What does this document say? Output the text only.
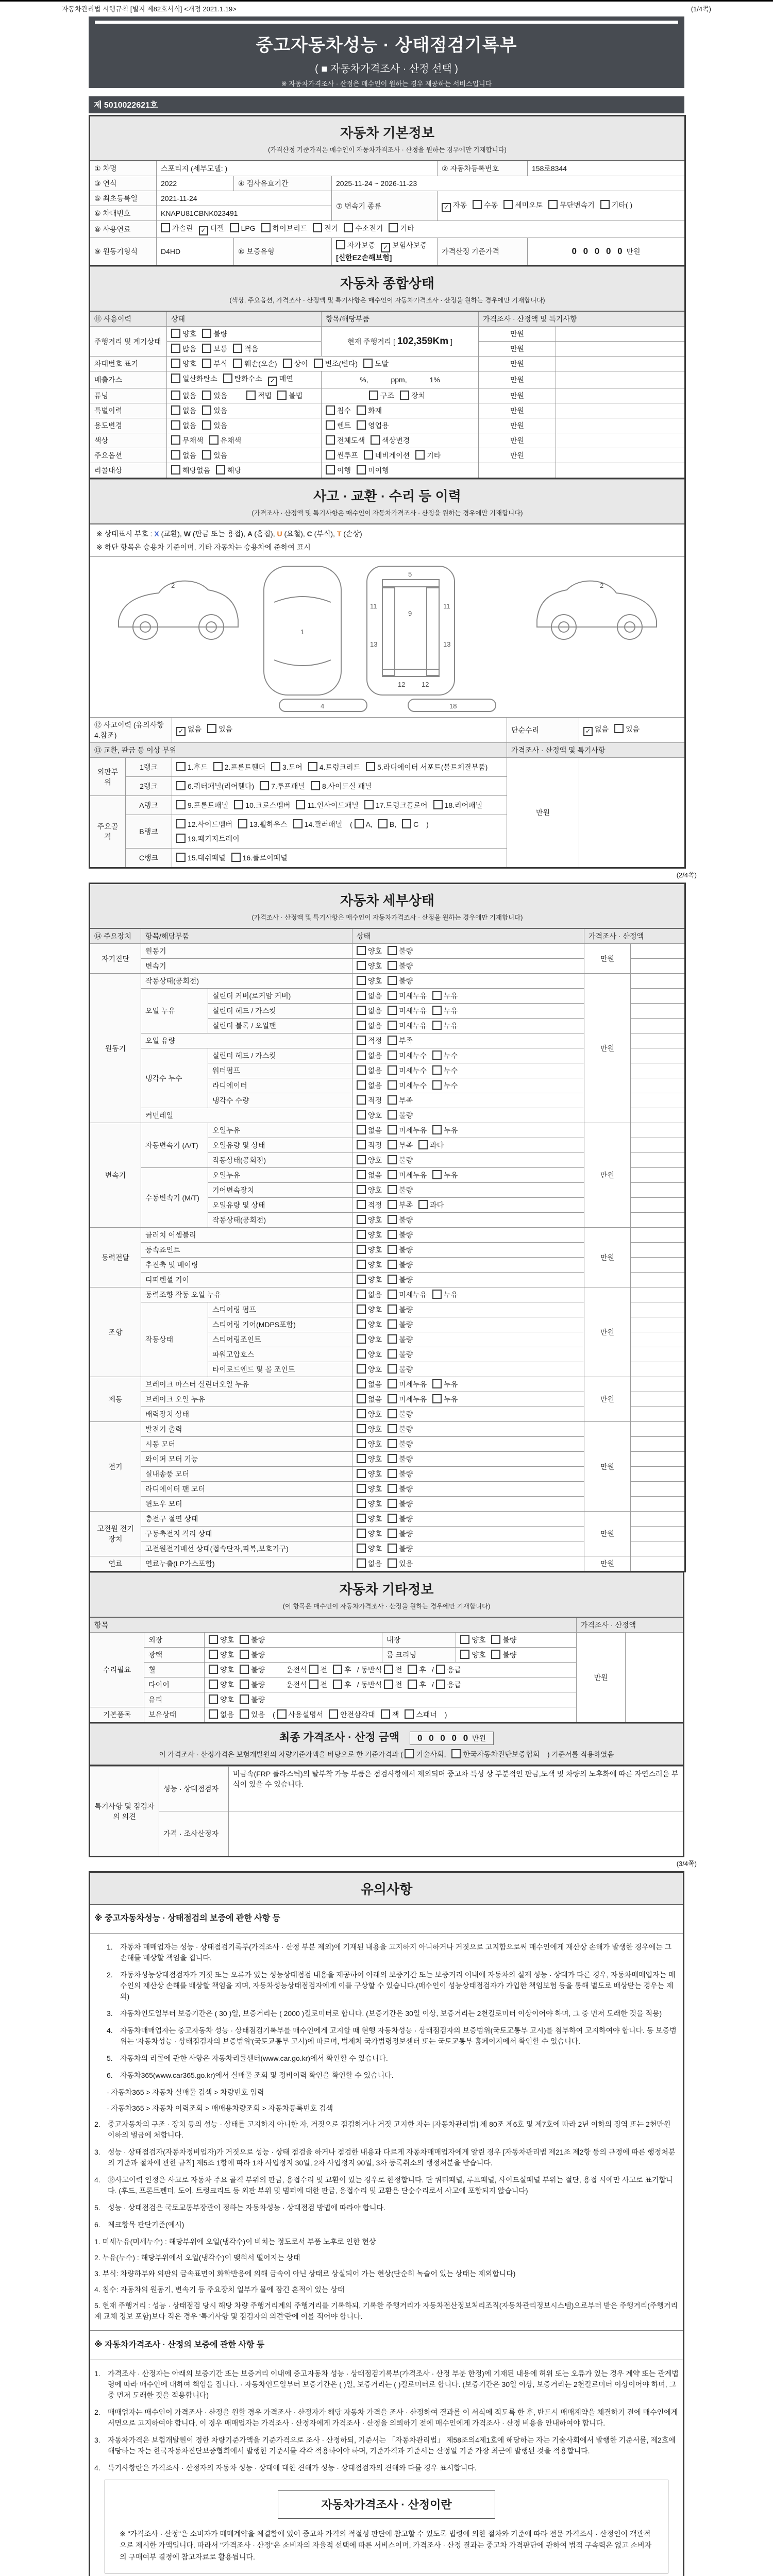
자동차관리법 시행규칙 [별지 제82호서식] <개정 2021.1.19>	(1/4쪽)
중고자동차성능 · 상태점검기록부
( ■ 자동차가격조사 · 산정 선택 )
※ 자동차가격조사 · 산정은 매수인이 원하는 경우 제공하는 서비스입니다
제 5010022621호
자동차 기본정보
(가격산정 기준가격은 매수인이 자동차가격조사 · 산정을 원하는 경우에만 기재합니다)					

① 차명	스포티지 (세부모델: )			② 자동차등록번호	158로8344
③ 연식	2022	④ 검사유효기간	2025-11-24 ~ 2026-11-23		
⑤ 최초등록일	2021-11-24		⑦ 변속기 종류	✓ 자동 수동 세미오토 무단변속기 기타( )	
⑥ 차대번호	KNAPU81CBNK023491				
⑧ 사용연료	가솔린 ✓ 디젤 LPG 하이브리드 전기 수소전기 기타				
⑨ 원동기형식	D4HD	⑩ 보증유형	자가보증 ✓ 보험사보증[신한EZ손해보험]	가격산정 기준가격	0 0 0 0 0 만원
자동차 종합상태
(색상, 주요옵션, 가격조사 · 산정액 및 특기사항은 매수인이 자동차가격조사 · 산정을 원하는 경우에만 기재합니다)				

⑪ 사용이력	상태	항목/해당부품	가격조사 · 산정액 및 특기사항	
주행거리 및 계기상태	양호 불량	현재 주행거리 [ 102,359Km ]	만원	
	많음 보통 적음		만원	
차대번호 표기	양호 부식 훼손(오손) 상이 변조(변타) 도말		만원	
배출가스	일산화탄소 탄화수소 ✓ 매연	%, ppm, 1%	만원	
튜닝	없음 있음 적법 불법	구조 장치	만원	
특별이력	없음 있음	침수 화재	만원	
용도변경	없음 있음	렌트 영업용	만원	
색상	무채색 유채색	전체도색 색상변경	만원	
주요옵션	없음 있음	썬루프 네비게이션 기타	만원	
리콜대상	해당없음 해당	이행 미이행		
사고 · 교환 · 수리 등 이력
(가격조사 · 산정액 및 특기사항은 매수인이 자동차가격조사 · 산정을 원하는 경우에만 기재합니다)				

※ 상태표시 부호 : X (교환), W (판금 또는 용접), A (흠집), U (요철), C (부식), T (손상)
※ 하단 항목은 승용차 기준이며, 기타 자동차는 승용차에 준하여 표시				

2
1
5
9
11	11
13	13
12 12
2
4	18

⑫ 사고이력 (유의사항 4.참조)		✓ 없음 있음	단순수리	✓ 없음 있음
⑬ 교환, 판금 등 이상 부위			가격조사 · 산정액 및 특기사항	
외판부위	1랭크	1.후드 2.프론트휀더 3.도어 4.트렁크리드 5.라디에이터 서포트(볼트체결부품)	만원	
	2랭크	6.쿼터패널(리어휀다) 7.루프패널 8.사이드실 패널		
주요골격	A랭크	9.프론트패널 10.크로스멤버 11.인사이드패널 17.트렁크플로어 18.리어패널		
	B랭크	12.사이드멤버 13.휠하우스 14.필러패널 ( A, B, C )
19.패키지트레이		
	C랭크	15.대쉬패널 16.플로어패널		
(2/4쪽)
자동차 세부상태
(가격조사 · 산정액 및 특기사항은 매수인이 자동차가격조사 · 산정을 원하는 경우에만 기재합니다)					

⑭ 주요장치	항목/해당부품		상태	가격조사 · 산정액	
자기진단	원동기		양호 불량	만원	
	변속기		양호 불량		
원동기	작동상태(공회전)		양호 불량	만원	
	오일 누유	실린더 커버(로커암 커버)	없음 미세누유 누유		
		실린더 헤드 / 가스킷	없음 미세누유 누유		
		실린더 블록 / 오일팬	없음 미세누유 누유		
	오일 유량		적정 부족		
	냉각수 누수	실린더 헤드 / 가스킷	없음 미세누수 누수		
		워터펌프	없음 미세누수 누수		
		라디에이터	없음 미세누수 누수		
		냉각수 수량	적정 부족		
	커먼레일		양호 불량		
변속기	자동변속기 (A/T)	오일누유	없음 미세누유 누유	만원	
		오일유량 및 상태	적정 부족 과다		
		작동상태(공회전)	양호 불량		
	수동변속기 (M/T)	오일누유	없음 미세누유 누유		
		기어변속장치	양호 불량		
		오일유량 및 상태	적정 부족 과다		
		작동상태(공회전)	양호 불량		
동력전달	클러치 어셈블리		양호 불량	만원	
	등속죠인트		양호 불량		
	추진축 및 베어링		양호 불량		
	디퍼렌셜 기어		양호 불량		
조향	동력조향 작동 오일 누유		없음 미세누유 누유	만원	
	작동상태	스티어링 펌프	양호 불량		
		스티어링 기어(MDPS포함)	양호 불량		
		스티어링조인트	양호 불량		
		파워고압호스	양호 불량		
		타이로드엔드 및 볼 조인트	양호 불량		
제동	브레이크 마스터 실린더오일 누유		없음 미세누유 누유	만원	
	브레이크 오일 누유		없음 미세누유 누유		
	배력장치 상태		양호 불량		
전기	발전기 출력		양호 불량	만원	
	시동 모터		양호 불량		
	와이퍼 모터 기능		양호 불량		
	실내송풍 모터		양호 불량		
	라디에이터 팬 모터		양호 불량		
	윈도우 모터		양호 불량		
고전원 전기장치	충전구 절연 상태		양호 불량	만원	
	구동축전지 격리 상태		양호 불량		
	고전원전기배선 상태(접속단자,피복,보호기구)		양호 불량		
연료	연료누출(LP가스포함)		없음 있음	만원	
자동차 기타정보
(이 항목은 매수인이 자동차가격조사 · 산정을 원하는 경우에만 기재합니다)						

항목					가격조사 · 산정액	
수리필요	외장	양호 불량	내장	양호 불량	만원	
	광택	양호 불량	룸 크리닝	양호 불량		
	휠	양호 불량 운전석 전 후 / 동반석 전 후 / 응급				
	타이어	양호 불량 운전석 전 후 / 동반석 전 후 / 응급				
	유리	양호 불량				
기본품목	보유상태	없음 있음 ( 사용설명서 안전삼각대 잭 스패너 )				
최종 가격조사 · 산정 금액 0 0 0 0 0 만원
이 가격조사 · 산정가격은 보험개발원의 차량기준가액을 바탕으로 한 기준가격과 ( 기술사회, 한국자동차진단보증협회 ) 기준서를 적용하였음
특기사항 및 점검자의 의견	성능 · 상태점검자	비금속(FRP 플라스틱)의 탈부착 가능 부품은 점검사항에서 제외되며 중고차 특성 상 부분적인 판금,도색 및 차량의 노후화에 따른 자연스러운 부식이 있을 수 있습니다.
	가격 · 조사산정자	
(3/4쪽)
유의사항

※ 중고자동차성능 · 상태점검의 보증에 관한 사항 등
1.	자동차 매매업자는 성능 · 상태점검기록부(가격조사 · 산정 부분 제외)에 기재된 내용을 고지하지 아니하거나 거짓으로 고지함으로써 매수인에게 재산상 손해가 발생한 경우에는 그 손해를 배상할 책임을 집니다.
2.	자동차성능상태점검자가 거짓 또는 오류가 있는 성능상태점검 내용을 제공하여 아래의 보증기간 또는 보증거리 이내에 자동차의 실제 성능 · 상태가 다른 경우, 자동차매매업자는 매수인의 재산상 손해를 배상할 책임을 지며, 자동차성능상태점검자에게 이를 구상할 수 있습니다.(매수인이 성능상태점검자가 가입한 책임보험 등을 통해 별도로 배상받는 경우는 제외)
3.	자동차인도일부터 보증기간은 ( 30 )일, 보증거리는 ( 2000 )킬로미터로 합니다. (보증기간은 30일 이상, 보증거리는 2천킬로미터 이상이어야 하며, 그 중 먼저 도래한 것을 적용)
4.	자동차매매업자는 중고자동차 성능 · 상태점검기록부를 매수인에게 고지할 때 현행 자동차성능 · 상태점검자의 보증범위(국토교통부 고시)를 첨부하여 고지하여야 합니다. 동 보증범위는 '자동차성능 · 상태점검자의 보증범위'(국토교통부 고시)에 따르며, 법제처 국가법령정보센터 또는 국토교통부 홈페이지에서 확인할 수 있습니다.
5.	자동차의 리콜에 관한 사항은 자동차리콜센터(www.car.go.kr)에서 확인할 수 있습니다.
6.	자동차365(www.car365.go.kr)에서 실매물 조회 및 정비이력 확인을 확인할 수 있습니다.
- 자동차365 > 자동차 실매물 검색 > 차량번호 입력
- 자동차365 > 자동차 이력조회 > 매매용차량조회 > 자동차등록번호 검색
2.	중고자동차의 구조 · 장치 등의 성능 · 상태를 고지하지 아니한 자, 거짓으로 점검하거나 거짓 고지한 자는 [자동차관리법] 제 80조 제6호 및 제7호에 따라 2년 이하의 징역 또는 2천만원 이하의 벌금에 처합니다.
3.	성능 · 상태점검자(자동차정비업자)가 거짓으로 성능 · 상태 점검을 하거나 점검한 내용과 다르게 자동차매매업자에게 알린 경우 [자동차관리법 제21조 제2항 등의 규정에 따른 행정처분의 기준과 절차에 관한 규칙] 제5조 1항에 따라 1차 사업정지 30일, 2차 사업정지 90일, 3차 등록취소의 행정처분을 받습니다.
4.	⑫사고이력 인정은 사고로 자동차 주요 골격 부위의 판금, 용접수리 및 교환이 있는 경우로 한정합니다. 단 쿼터패널, 루프패널, 사이드실패널 부위는 절단, 용접 시에만 사고로 표기합니다. (후드, 프론트펜더, 도어, 트렁크리드 등 외판 부위 및 범퍼에 대한 판금, 용접수리 및 교환은 단순수리로서 사고에 포함되지 않습니다)
5.	성능 · 상태점검은 국토교통부장관이 정하는 자동차성능 · 상태점검 방법에 따라야 합니다.
6.	체크항목 판단기준(예시)
1. 미세누유(미세누수) : 해당부위에 오일(냉각수)이 비치는 정도로서 부품 노후로 인한 현상
2. 누유(누수) : 해당부위에서 오일(냉각수)이 맺혀서 떨어지는 상태
3. 부식: 차량하부와 외판의 금속표면이 화학반응에 의해 금속이 아닌 상태로 상실되어 가는 현상(단순히 녹슬어 있는 상태는 제외합니다)
4. 침수: 자동차의 원동기, 변속기 등 주요장치 일부가 물에 잠긴 흔적이 있는 상태
5. 현재 주행거리 : 성능 · 상태점검 당시 해당 차량 주행거리계의 주행거리를 기록하되, 기록한 주행거리가 자동차전산정보처리조직(자동차관리정보시스템)으로부터 받은 주행거리(주행거리계 교체 정보 포함)보다 적은 경우 '특기사항 및 점검자의 의견'란에 이를 적어야 합니다.
※ 자동차가격조사 · 산정의 보증에 관한 사항 등
1.	가격조사 · 산정자는 아래의 보증기간 또는 보증거리 이내에 중고자동차 성능 · 상태점검기록부(가격조사 · 산정 부분 한정)에 기재된 내용에 허위 또는 오류가 있는 경우 계약 또는 관계법령에 따라 매수인에 대하여 책임을 집니다. · 자동차인도일부터 보증기간은 ( )일, 보증거리는 ( )킬로미터로 합니다. (보증기간은 30일 이상, 보증거리는 2천킬로미터 이상이어야 하며, 그 중 먼저 도래한 것을 적용합니다)
2.	매매업자는 매수인이 가격조사 · 산정을 원할 경우 가격조사 · 산정자가 해당 자동차 가격을 조사 · 산정하여 결과를 이 서식에 적도록 한 후, 반드시 매매계약을 체결하기 전에 매수인에게 서면으로 고지하여야 합니다. 이 경우 매매업자는 가격조사 · 산정자에게 가격조사 · 산정을 의뢰하기 전에 매수인에게 가격조사 · 산정 비용을 안내하여야 합니다.
3.	자동차가격은 보험개발원이 정한 차량기준가액을 기준가격으로 조사 · 산정하되, 기준서는 「자동차관리법」 제58조의4제1호에 해당하는 자는 기술사회에서 발행한 기준서를, 제2호에 해당하는 자는 한국자동차진단보증협회에서 발행한 기준서를 각각 적용하여야 하며, 기준가격과 기준서는 산정일 기준 가장 최근에 발행된 것을 적용합니다.
4.	특기사항란은 가격조사 · 산정자의 자동차 성능 · 상태에 대한 견해가 성능 · 상태점검자의 견해와 다를 경우 표시합니다.
자동차가격조사 · 산정이란
※ "가격조사 · 산정"은 소비자가 매매계약을 체결함에 있어 중고차 가격의 적절성 판단에 참고할 수 있도록 법령에 의한 절차와 기준에 따라 전문 가격조사 · 산정인이 객관적으로 제시한 가액입니다. 따라서 "가격조사 · 산정"은 소비자의 자율적 선택에 따른 서비스이며, 가격조사 · 산정 결과는 중고차 가격판단에 관하여 법적 구속력은 없고 소비자의 구매여부 결정에 참고자료로 활용됩니다.
